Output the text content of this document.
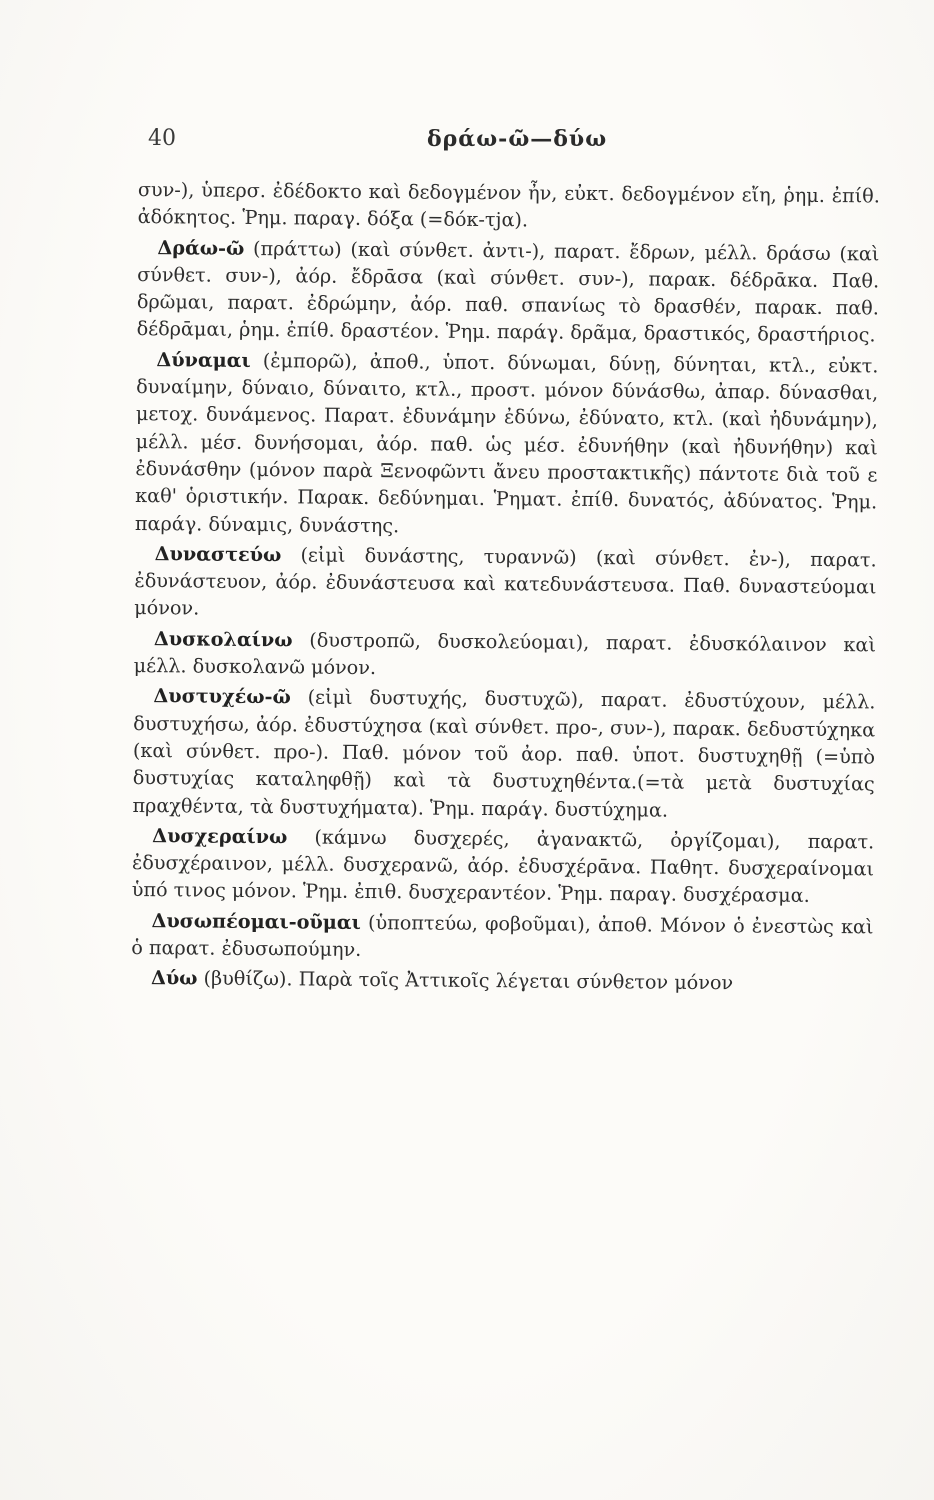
40	δράω-ῶ—δύω

συν-), ὑπερσ. ἐδέδοκτο καὶ δεδογμένον ἦν, εὐκτ. δεδογμένον εἴη, ῥημ. ἐπίθ. ἀδόκητος. Ῥημ. παραγ. δόξα (=δόκ-τjα).

Δράω-ῶ (πράττω) (καὶ σύνθετ. ἀντι-), παρατ. ἔδρων, μέλλ. δράσω (καὶ σύνθετ. συν-), ἀόρ. ἔδρᾱσα (καὶ σύνθετ. συν-), παρακ. δέδρᾱκα. Παθ. δρῶμαι, παρατ. ἐδρώμην, ἀόρ. παθ. σπανίως τὸ δρασθέν, παρακ. παθ. δέδρᾱμαι, ῥημ. ἐπίθ. δραστέον. Ῥημ. παράγ. δρᾶμα, δραστικός, δραστήριος.

Δύναμαι (ἐμπορῶ), ἀποθ., ὑποτ. δύνωμαι, δύνῃ, δύνηται, κτλ., εὐκτ. δυναίμην, δύναιο, δύναιτο, κτλ., προστ. μόνον δύνάσθω, ἀπαρ. δύνασθαι, μετοχ. δυνάμενος. Παρατ. ἐδυνάμην ἐδύνω, ἐδύνατο, κτλ. (καὶ ἠδυνάμην), μέλλ. μέσ. δυνήσομαι, ἀόρ. παθ. ὡς μέσ. ἐδυνήθην (καὶ ἠδυνήθην) καὶ ἐδυνάσθην (μόνον παρὰ Ξενοφῶντι ἄνευ προστακτικῆς) πάντοτε διὰ τοῦ ε καθ' ὁριστικήν. Παρακ. δεδύνημαι. Ῥηματ. ἐπίθ. δυνατός, ἀδύνατος. Ῥημ. παράγ. δύναμις, δυνάστης.

Δυναστεύω (εἰμὶ δυνάστης, τυραννῶ) (καὶ σύνθετ. ἐν-), παρατ. ἐδυνάστευον, ἀόρ. ἐδυνάστευσα καὶ κατεδυνάστευσα. Παθ. δυναστεύομαι μόνον.

Δυσκολαίνω (δυστροπῶ, δυσκολεύομαι), παρατ. ἐδυσκόλαινον καὶ μέλλ. δυσκολανῶ μόνον.

Δυστυχέω-ῶ (εἰμὶ δυστυχής, δυστυχῶ), παρατ. ἐδυστύχουν, μέλλ. δυστυχήσω, ἀόρ. ἐδυστύχησα (καὶ σύνθετ. προ-, συν-), παρακ. δεδυστύχηκα (καὶ σύνθετ. προ-). Παθ. μόνον τοῦ ἀορ. παθ. ὑποτ. δυστυχηθῇ (=ὑπὸ δυστυχίας καταληφθῇ) καὶ τὰ δυστυχηθέντα.(=τὰ μετὰ δυστυχίας πραχθέντα, τὰ δυστυχήματα). Ῥημ. παράγ. δυστύχημα.

Δυσχεραίνω (κάμνω δυσχερές, ἀγανακτῶ, ὀργίζομαι), παρατ. ἐδυσχέραινον, μέλλ. δυσχερανῶ, ἀόρ. ἐδυσχέρᾱνα. Παθητ. δυσχεραίνομαι ὑπό τινος μόνον. Ῥημ. ἐπιθ. δυσχεραντέον. Ῥημ. παραγ. δυσχέρασμα.

Δυσωπέομαι-οῦμαι (ὑποπτεύω, φοβοῦμαι), ἀποθ. Μόνον ὁ ἐνεστὼς καὶ ὁ παρατ. ἐδυσωπούμην.

Δύω (βυθίζω). Παρὰ τοῖς Ἀττικοῖς λέγεται σύνθετον μόνον
